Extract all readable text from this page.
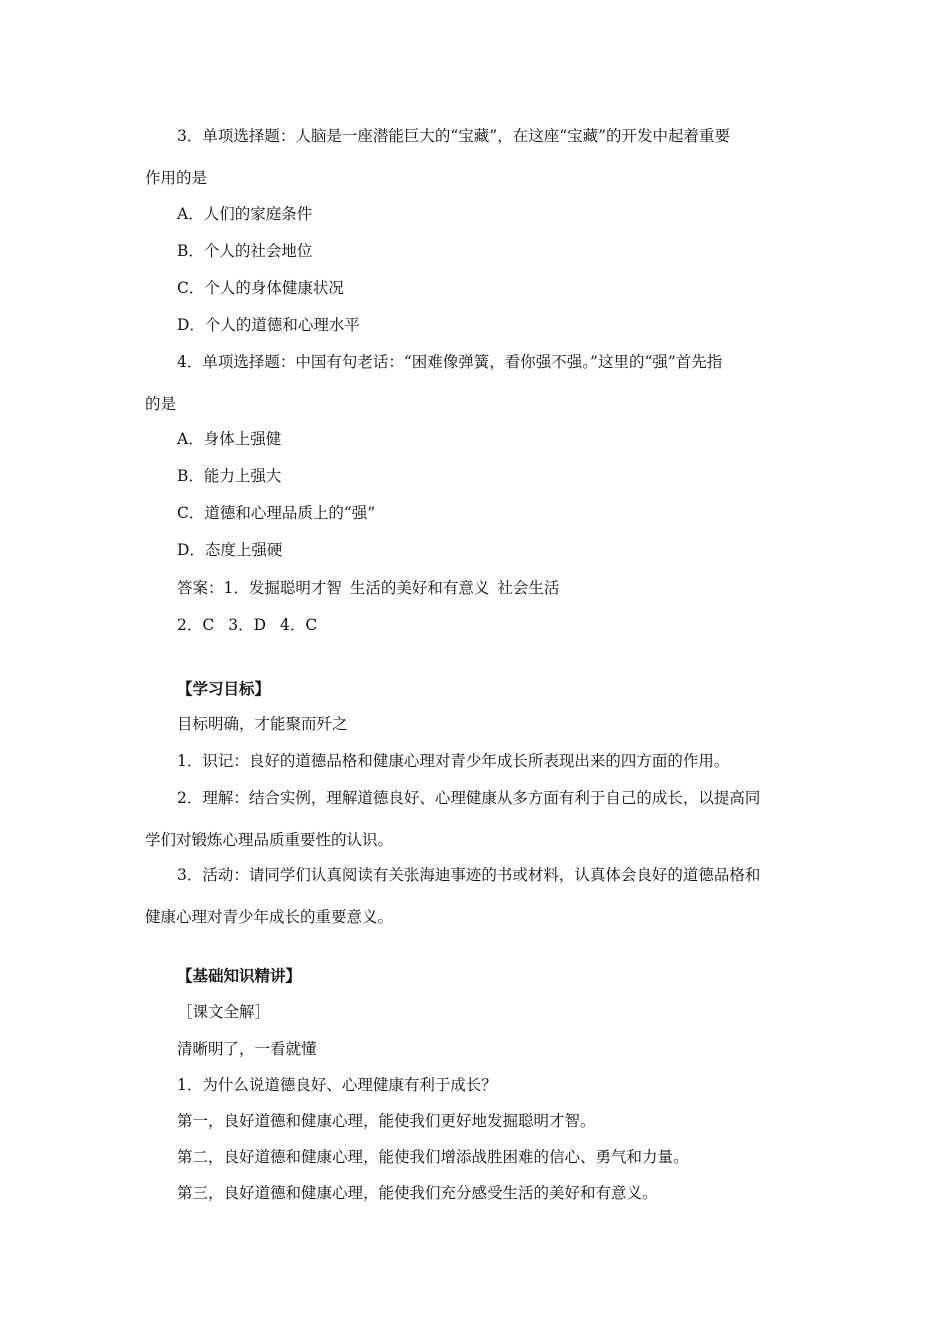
3．单项选择题：人脑是一座潜能巨大的“宝藏”，在这座“宝藏”的开发中起着重要
作用的是
A．人们的家庭条件
B．个人的社会地位
C．个人的身体健康状况
D．个人的道德和心理水平
4．单项选择题：中国有句老话：“困难像弹簧，看你强不强。”这里的“强”首先指
的是
A．身体上强健
B．能力上强大
C．道德和心理品质上的“强”
D．态度上强硬
答案：1．发掘聪明才智 生活的美好和有意义 社会生活
2．C 3．D 4．C
【学习目标】
目标明确，才能聚而歼之
1．识记：良好的道德品格和健康心理对青少年成长所表现出来的四方面的作用。
2．理解：结合实例，理解道德良好、心理健康从多方面有利于自己的成长，以提高同
学们对锻炼心理品质重要性的认识。
3．活动：请同学们认真阅读有关张海迪事迹的书或材料，认真体会良好的道德品格和
健康心理对青少年成长的重要意义。
【基础知识精讲】
［课文全解］
清晰明了，一看就懂
1．为什么说道德良好、心理健康有利于成长？
第一，良好道德和健康心理，能使我们更好地发掘聪明才智。
第二，良好道德和健康心理，能使我们增添战胜困难的信心、勇气和力量。
第三，良好道德和健康心理，能使我们充分感受生活的美好和有意义。
